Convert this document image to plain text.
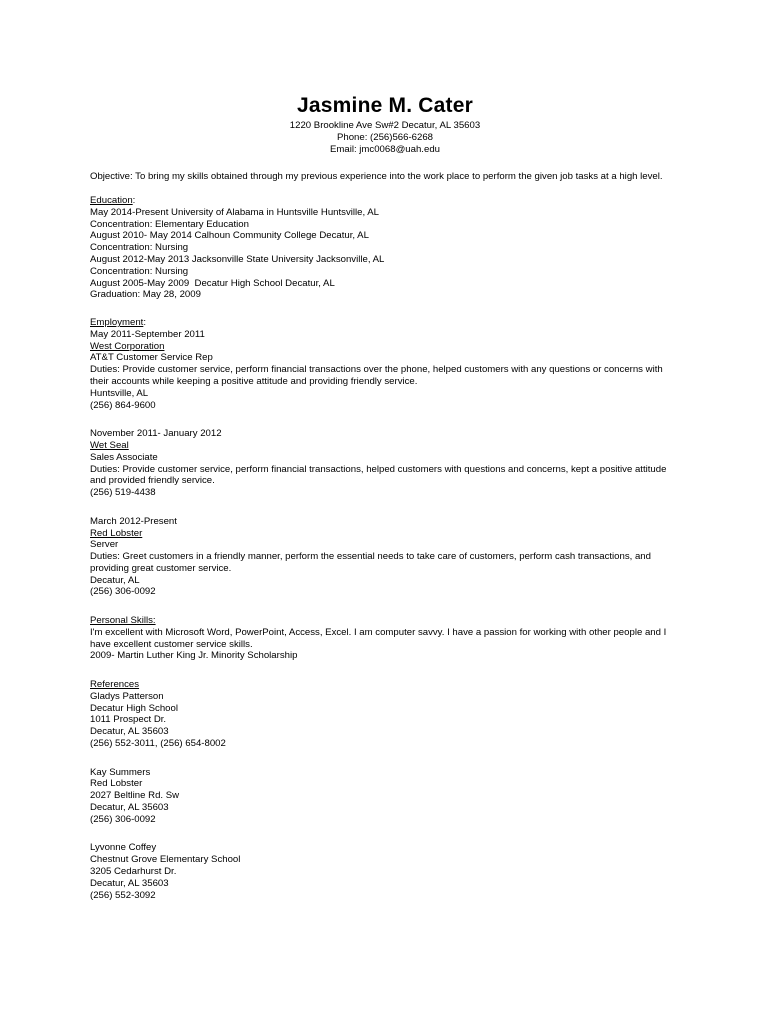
Jasmine M. Cater
1220 Brookline Ave Sw#2 Decatur, AL 35603
Phone: (256)566-6268
Email: jmc0068@uah.edu
Objective: To bring my skills obtained through my previous experience into the work place to perform the given job tasks at a high level.
Education:
May 2014-Present University of Alabama in Huntsville Huntsville, AL
Concentration: Elementary Education
August 2010- May 2014 Calhoun Community College Decatur, AL
Concentration: Nursing
August 2012-May 2013 Jacksonville State University Jacksonville, AL
Concentration: Nursing
August 2005-May 2009  Decatur High School Decatur, AL
Graduation: May 28, 2009
Employment:
May 2011-September 2011
West Corporation
AT&T Customer Service Rep
Duties: Provide customer service, perform financial transactions over the phone, helped customers with any questions or concerns with their accounts while keeping a positive attitude and providing friendly service.
Huntsville, AL
(256) 864-9600
November 2011- January 2012
Wet Seal
Sales Associate
Duties: Provide customer service, perform financial transactions, helped customers with questions and concerns, kept a positive attitude and provided friendly service.
(256) 519-4438
March 2012-Present
Red Lobster
Server
Duties: Greet customers in a friendly manner, perform the essential needs to take care of customers, perform cash transactions, and providing great customer service.
Decatur, AL
(256) 306-0092
Personal Skills:
I'm excellent with Microsoft Word, PowerPoint, Access, Excel. I am computer savvy. I have a passion for working with other people and I have excellent customer service skills.
2009- Martin Luther King Jr. Minority Scholarship
References
Gladys Patterson
Decatur High School
1011 Prospect Dr.
Decatur, AL 35603
(256) 552-3011, (256) 654-8002
Kay Summers
Red Lobster
2027 Beltline Rd. Sw
Decatur, AL 35603
(256) 306-0092
Lyvonne Coffey
Chestnut Grove Elementary School
3205 Cedarhurst Dr.
Decatur, AL 35603
(256) 552-3092
